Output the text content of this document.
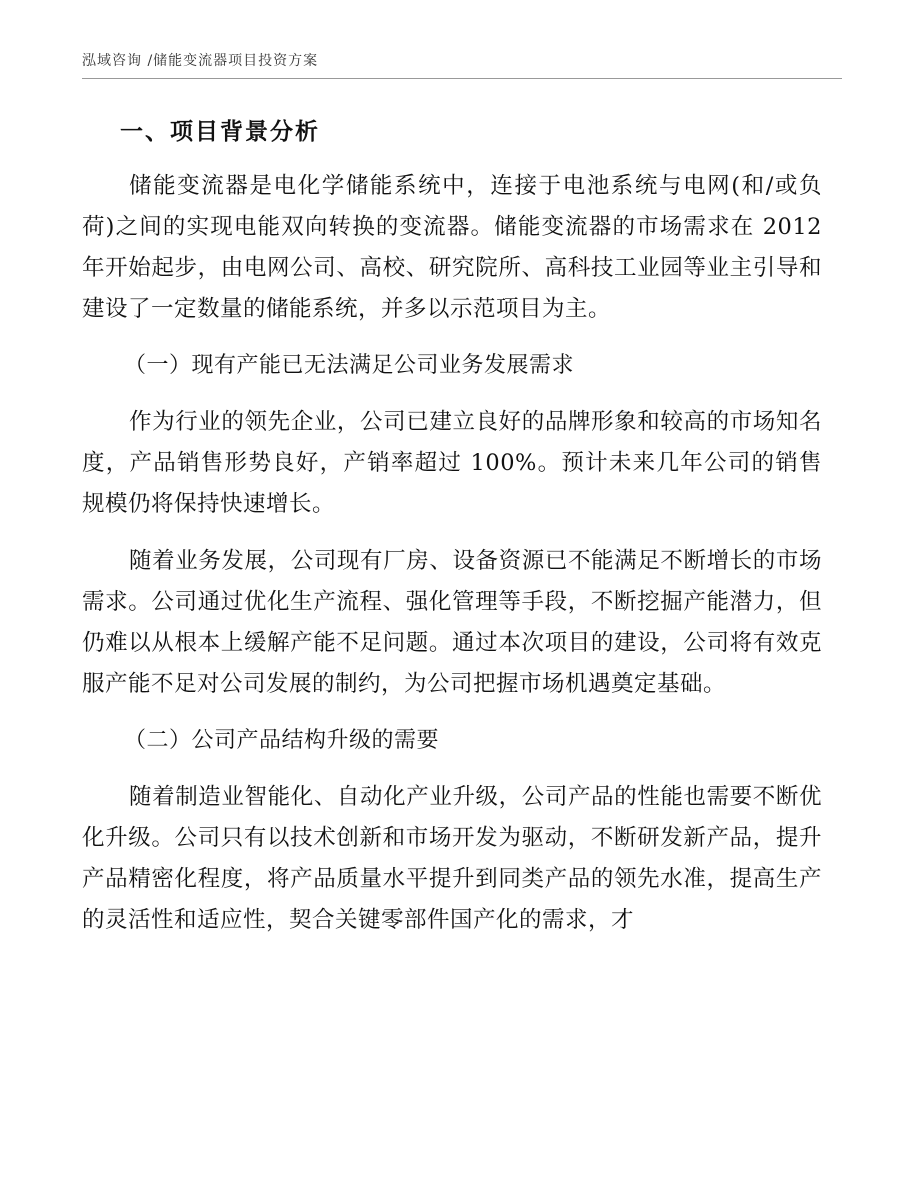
泓域咨询 /储能变流器项目投资方案
一、项目背景分析

储能变流器是电化学储能系统中，连接于电池系统与电网(和/或负荷)之间的实现电能双向转换的变流器。储能变流器的市场需求在 2012 年开始起步，由电网公司、高校、研究院所、高科技工业园等业主引导和建设了一定数量的储能系统，并多以示范项目为主。

（一）现有产能已无法满足公司业务发展需求

作为行业的领先企业，公司已建立良好的品牌形象和较高的市场知名度，产品销售形势良好，产销率超过 100%。预计未来几年公司的销售规模仍将保持快速增长。

随着业务发展，公司现有厂房、设备资源已不能满足不断增长的市场需求。公司通过优化生产流程、强化管理等手段，不断挖掘产能潜力，但仍难以从根本上缓解产能不足问题。通过本次项目的建设，公司将有效克服产能不足对公司发展的制约，为公司把握市场机遇奠定基础。

（二）公司产品结构升级的需要

随着制造业智能化、自动化产业升级，公司产品的性能也需要不断优化升级。公司只有以技术创新和市场开发为驱动，不断研发新产品，提升产品精密化程度，将产品质量水平提升到同类产品的领先水准，提高生产的灵活性和适应性，契合关键零部件国产化的需求，才
